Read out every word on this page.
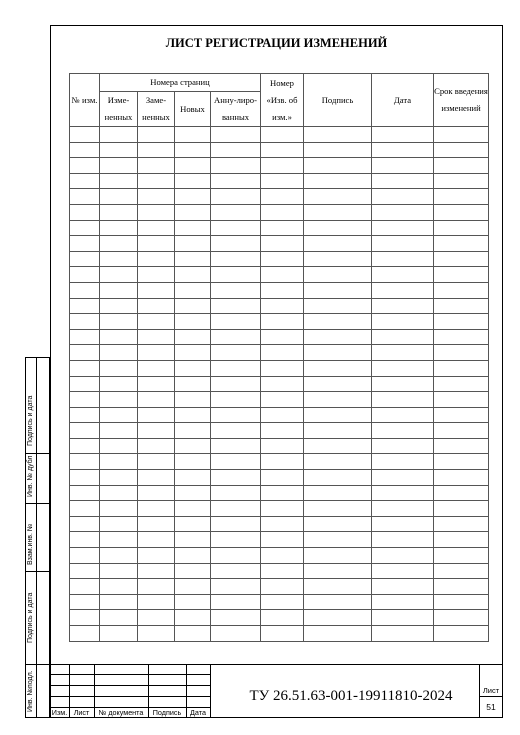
ЛИСТ РЕГИСТРАЦИИ ИЗМЕНЕНИЙ
№ изм.	Номера страниц				Номер «Изв. об изм.»	Подпись	Дата	Срок введения изменений
	Изме-ненных	Заме-ненных	Новых	Анну-лиро-ванных				

Подпись и дата
Инв. № дубл
Взам.инв. №
Подпись и дата
Инв. №подл.
Изм. Лист	№ документа	Подпись	Дата
ТУ 26.51.63-001-19911810-2024	Лист
51
